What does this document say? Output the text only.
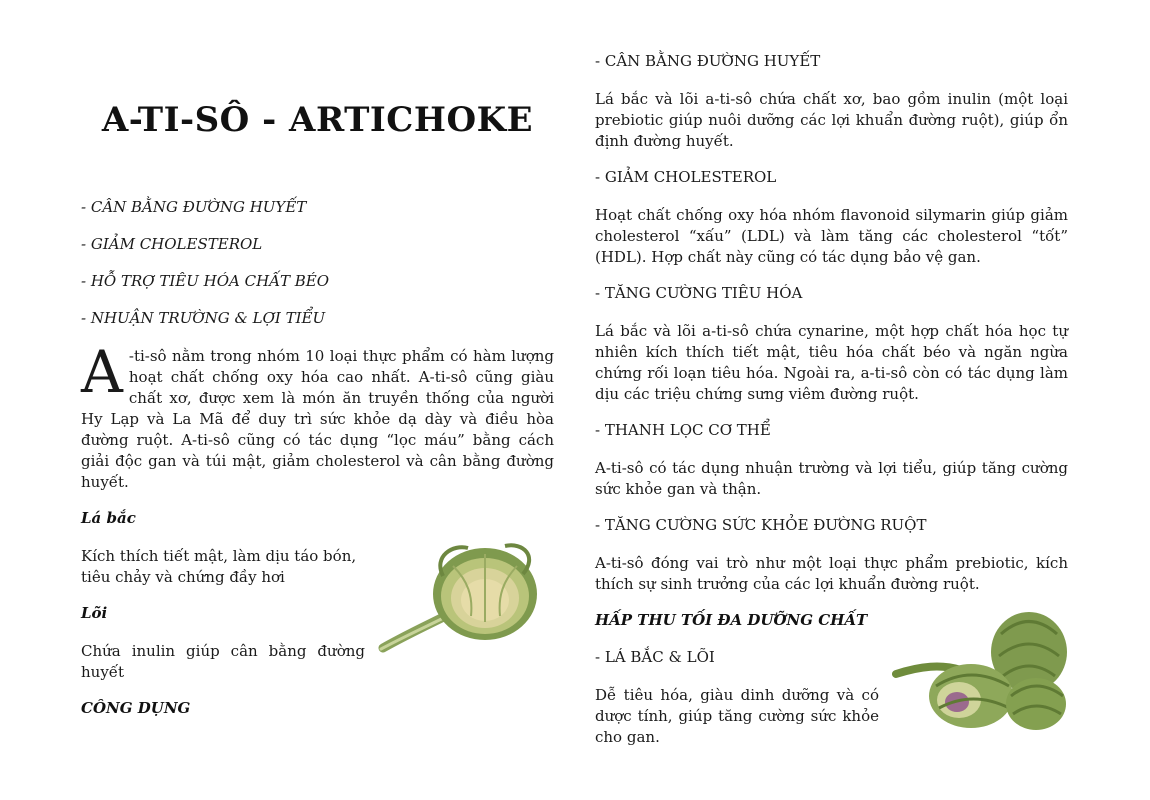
A-TI-SÔ - ARTICHOKE
- CÂN BẰNG ĐƯỜNG HUYẾT
- GIẢM CHOLESTEROL
- HỖ TRỢ TIÊU HÓA CHẤT BÉO
- NHUẬN TRƯỜNG & LỢI TIỂU
A -ti-sô nằm trong nhóm 10 loại thực phẩm có hàm lượng hoạt chất chống oxy hóa cao nhất. A-ti-sô cũng giàu chất xơ, được xem là món ăn truyền thống của người Hy Lạp và La Mã để duy trì sức khỏe dạ dày và điều hòa đường ruột. A-ti-sô cũng có tác dụng “lọc máu” bằng cách giải độc gan và túi mật, giảm cholesterol và cân bằng đường huyết.
Lá bắc
Kích thích tiết mật, làm dịu táo bón, tiêu chảy và chứng đầy hơi
Lõi
Chứa inulin giúp cân bằng đường huyết
CÔNG DỤNG
- CÂN BẰNG ĐƯỜNG HUYẾT
Lá bắc và lõi a-ti-sô chứa chất xơ, bao gồm inulin (một loại prebiotic giúp nuôi dưỡng các lợi khuẩn đường ruột), giúp ổn định đường huyết.
- GIẢM CHOLESTEROL
Hoạt chất chống oxy hóa nhóm flavonoid silymarin giúp giảm cholesterol “xấu” (LDL) và làm tăng các cholesterol “tốt” (HDL). Hợp chất này cũng có tác dụng bảo vệ gan.
- TĂNG CƯỜNG TIÊU HÓA
Lá bắc và lõi a-ti-sô chứa cynarine, một hợp chất hóa học tự nhiên kích thích tiết mật, tiêu hóa chất béo và ngăn ngừa chứng rối loạn tiêu hóa. Ngoài ra, a-ti-sô còn có tác dụng làm dịu các triệu chứng sưng viêm đường ruột.
- THANH LỌC CƠ THỂ
A-ti-sô có tác dụng nhuận trường và lợi tiểu, giúp tăng cường sức khỏe gan và thận.
- TĂNG CƯỜNG SỨC KHỎE ĐƯỜNG RUỘT
A-ti-sô đóng vai trò như một loại thực phẩm prebiotic, kích thích sự sinh trưởng của các lợi khuẩn đường ruột.
HẤP THU TỐI ĐA DƯỠNG CHẤT
- LÁ BẮC & LÕI
Dễ tiêu hóa, giàu dinh dưỡng và có dược tính, giúp tăng cường sức khỏe cho gan.
